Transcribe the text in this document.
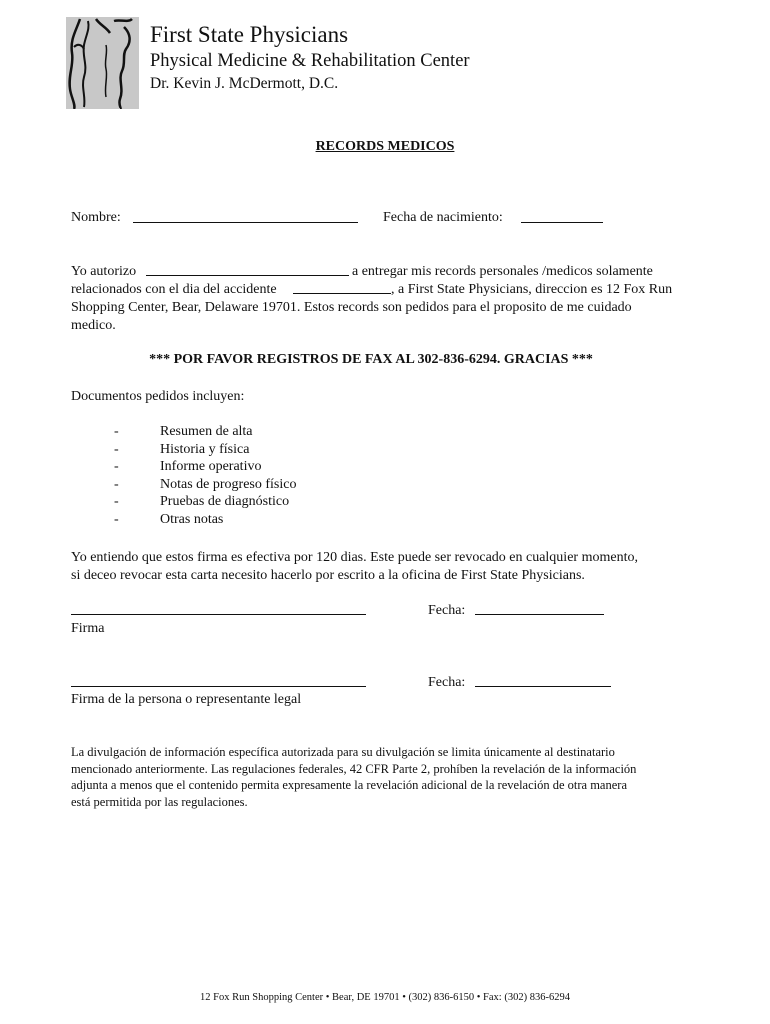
First State Physicians
Physical Medicine & Rehabilitation Center
Dr. Kevin J. McDermott, D.C.
RECORDS MEDICOS
Nombre:	Fecha de nacimiento:
Yo autorizo	a entregar mis records personales /medicos solamente
relacionados con el dia del accidente	, a First State Physicians, direccion es 12 Fox Run
Shopping Center, Bear, Delaware 19701. Estos records son pedidos para el proposito de me cuidado
medico.
*** POR FAVOR REGISTROS DE FAX AL 302-836-6294. GRACIAS ***
Documentos pedidos incluyen:
-	Resumen de alta
-	Historia y física
-	Informe operativo
-	Notas de progreso físico
-	Pruebas de diagnóstico
-	Otras notas
Yo entiendo que estos firma es efectiva por 120 dias. Este puede ser revocado en cualquier momento,
si deceo revocar esta carta necesito hacerlo por escrito a la oficina de First State Physicians.
Fecha:
Firma
Fecha:
Firma de la persona o representante legal
La divulgación de información específica autorizada para su divulgación se limita únicamente al destinatario
mencionado anteriormente. Las regulaciones federales, 42 CFR Parte 2, prohíben la revelación de la información
adjunta a menos que el contenido permita expresamente la revelación adicional de la revelación de otra manera
está permitida por las regulaciones.
12 Fox Run Shopping Center • Bear, DE 19701 • (302) 836-6150 • Fax: (302) 836-6294
